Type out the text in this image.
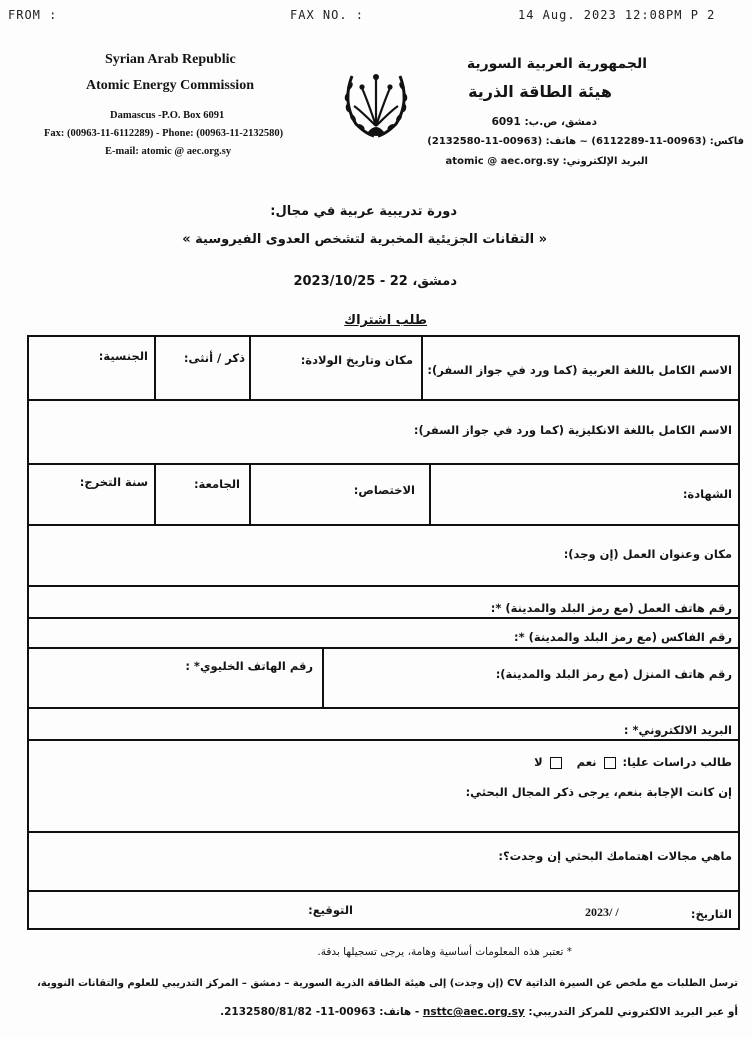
FROM :	FAX NO. :	14 Aug. 2023 12:08PM P 2
Syrian Arab Republic
Atomic Energy Commission
Damascus -P.O. Box 6091
Fax: (00963-11-6112289) - Phone: (00963-11-2132580)
E-mail: atomic @ aec.org.sy
الجمهورية العربية السورية
هيئة الطاقة الذرية
دمشق، ص.ب: 6091
فاكس: (00963-11-6112289) ~ هاتف: (00963-11-2132580)
البريد الإلكتروني: atomic @ aec.org.sy
دورة تدريبية عربية في مجال:
« التقانات الجزيئية المخبرية لتشخص العدوى الفيروسية »
دمشق، 22 - 2023/10/25
طلب اشتراك
الاسم الكامل باللغة العربية (كما ورد في جواز السفر):
مكان وتاريخ الولادة:
ذكر / أنثى:
الجنسية:
الاسم الكامل باللغة الانكليزية (كما ورد في جواز السفر):
الشهادة:
الاختصاص:
الجامعة:
سنة التخرج:
مكان وعنوان العمل (إن وجد):
رقم هاتف العمل (مع رمز البلد والمدينة) *:
رقم الفاكس (مع رمز البلد والمدينة) *:
رقم هاتف المنزل (مع رمز البلد والمدينة):
رقم الهاتف الخليوي* :
البريد الالكتروني* :
طالب دراسات عليا:  نعم    لا
إن كانت الإجابة بنعم، يرجى ذكر المجال البحثي:
ماهي مجالات اهتمامك البحثي إن وجدت؟:
التاريخ:
2023/ /
التوقيع:
* تعتبر هذه المعلومات أساسية وهامة، يرجى تسجيلها بدقة.
ترسل الطلبات مع ملخص عن السيرة الذاتية CV (إن وجدت) إلى هيئة الطاقة الذرية السورية – دمشق – المركز التدريبي للعلوم والتقانات النووية،
أو عبر البريد الالكتروني للمركز التدريبي: nsttc@aec.org.sy - هاتف: 00963-11- 2132580/81/82.
